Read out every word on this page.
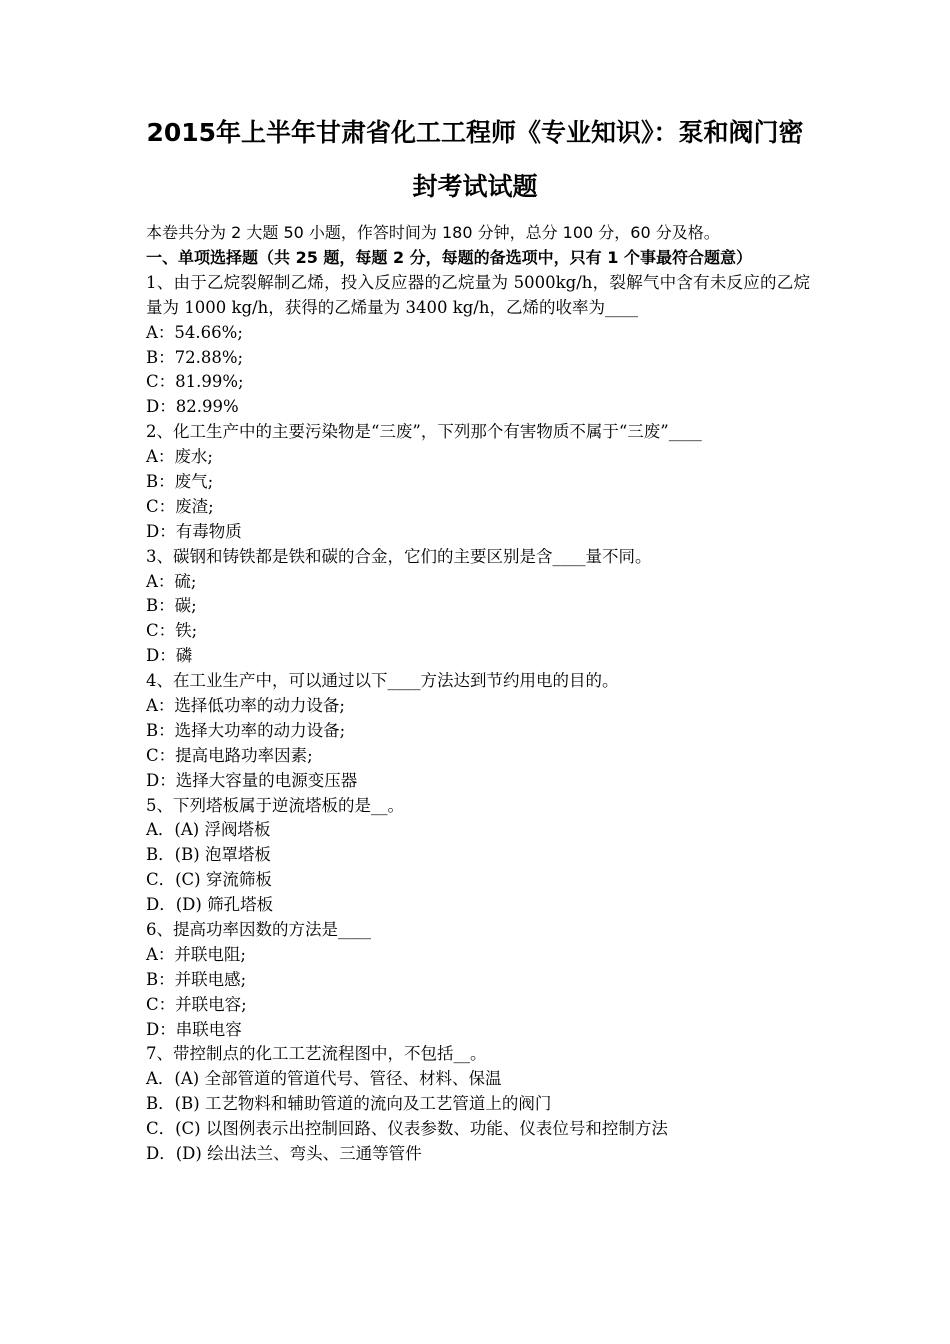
2015年上半年甘肃省化工工程师《专业知识》：泵和阀门密
封考试试题
本卷共分为 2 大题 50 小题，作答时间为 180 分钟，总分 100 分，60 分及格。
一、单项选择题（共 25 题，每题 2 分，每题的备选项中，只有 1 个事最符合题意）
1、由于乙烷裂解制乙烯，投入反应器的乙烷量为 5000kg/h，裂解气中含有未反应的乙烷量为 1000 kg/h，获得的乙烯量为 3400 kg/h，乙烯的收率为____
A：54.66%;
B：72.88%;
C：81.99%;
D：82.99%
2、化工生产中的主要污染物是“三废”，下列那个有害物质不属于“三废”____
A：废水;
B：废气;
C：废渣;
D：有毒物质
3、碳钢和铸铁都是铁和碳的合金，它们的主要区别是含____量不同。
A：硫;
B：碳;
C：铁;
D：磷
4、在工业生产中，可以通过以下____方法达到节约用电的目的。
A：选择低功率的动力设备;
B：选择大功率的动力设备;
C：提高电路功率因素;
D：选择大容量的电源变压器
5、下列塔板属于逆流塔板的是__。
A．(A) 浮阀塔板
B．(B) 泡罩塔板
C．(C) 穿流筛板
D．(D) 筛孔塔板
6、提高功率因数的方法是____
A：并联电阻;
B：并联电感;
C：并联电容;
D：串联电容
7、带控制点的化工工艺流程图中，不包括__。
A．(A) 全部管道的管道代号、管径、材料、保温
B．(B) 工艺物料和辅助管道的流向及工艺管道上的阀门
C．(C) 以图例表示出控制回路、仪表参数、功能、仪表位号和控制方法
D．(D) 绘出法兰、弯头、三通等管件
